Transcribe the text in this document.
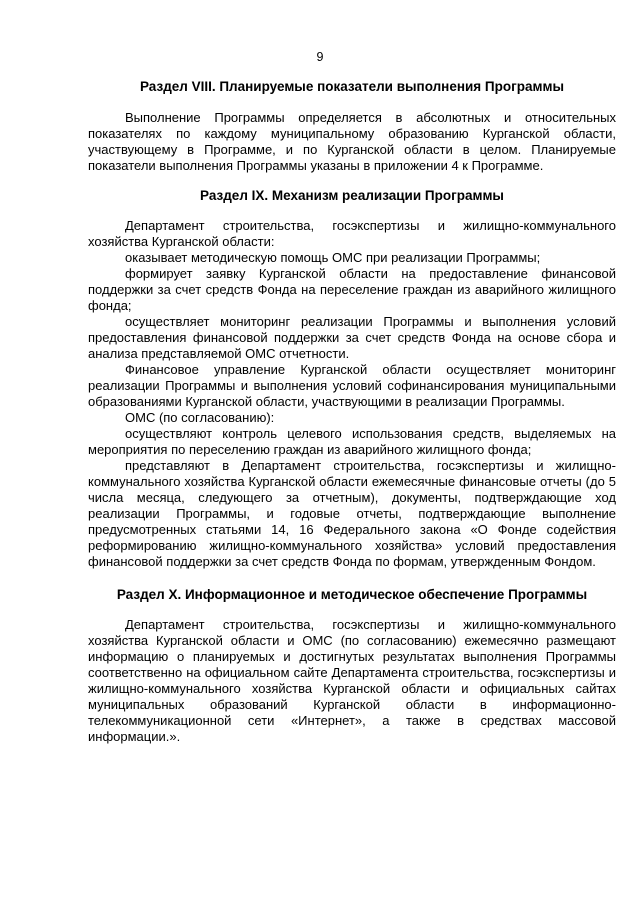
9
Раздел VIII. Планируемые показатели выполнения Программы

Выполнение Программы определяется в абсолютных и относительных показателях по каждому муниципальному образованию Курганской области, участвующему в Программе, и по Курганской области в целом. Планируемые показатели выполнения Программы указаны в приложении 4 к Программе.

Раздел IX. Механизм реализации Программы

Департамент строительства, госэкспертизы и жилищно-коммунального хозяйства Курганской области:

оказывает методическую помощь ОМС при реализации Программы;

формирует заявку Курганской области на предоставление финансовой поддержки за счет средств Фонда на переселение граждан из аварийного жилищного фонда;

осуществляет мониторинг реализации Программы и выполнения условий предоставления финансовой поддержки за счет средств Фонда на основе сбора и анализа представляемой ОМС отчетности.

Финансовое управление Курганской области осуществляет мониторинг реализации Программы и выполнения условий софинансирования муниципальными образованиями Курганской области, участвующими в реализации Программы.

ОМС (по согласованию):

осуществляют контроль целевого использования средств, выделяемых на мероприятия по переселению граждан из аварийного жилищного фонда;

представляют в Департамент строительства, госэкспертизы и жилищно-коммунального хозяйства Курганской области ежемесячные финансовые отчеты (до 5 числа месяца, следующего за отчетным), документы, подтверждающие ход реализации Программы, и годовые отчеты, подтверждающие выполнение предусмотренных статьями 14, 16 Федерального закона «О Фонде содействия реформированию жилищно-коммунального хозяйства» условий предоставления финансовой поддержки за счет средств Фонда по формам, утвержденным Фондом.

Раздел X. Информационное и методическое обеспечение Программы

Департамент строительства, госэкспертизы и жилищно-коммунального хозяйства Курганской области и ОМС (по согласованию) ежемесячно размещают информацию о планируемых и достигнутых результатах выполнения Программы соответственно на официальном сайте Департамента строительства, госэкспертизы и жилищно-коммунального хозяйства Курганской области и официальных сайтах муниципальных образований Курганской области в информационно-телекоммуникационной сети «Интернет», а также в средствах массовой информации.».
